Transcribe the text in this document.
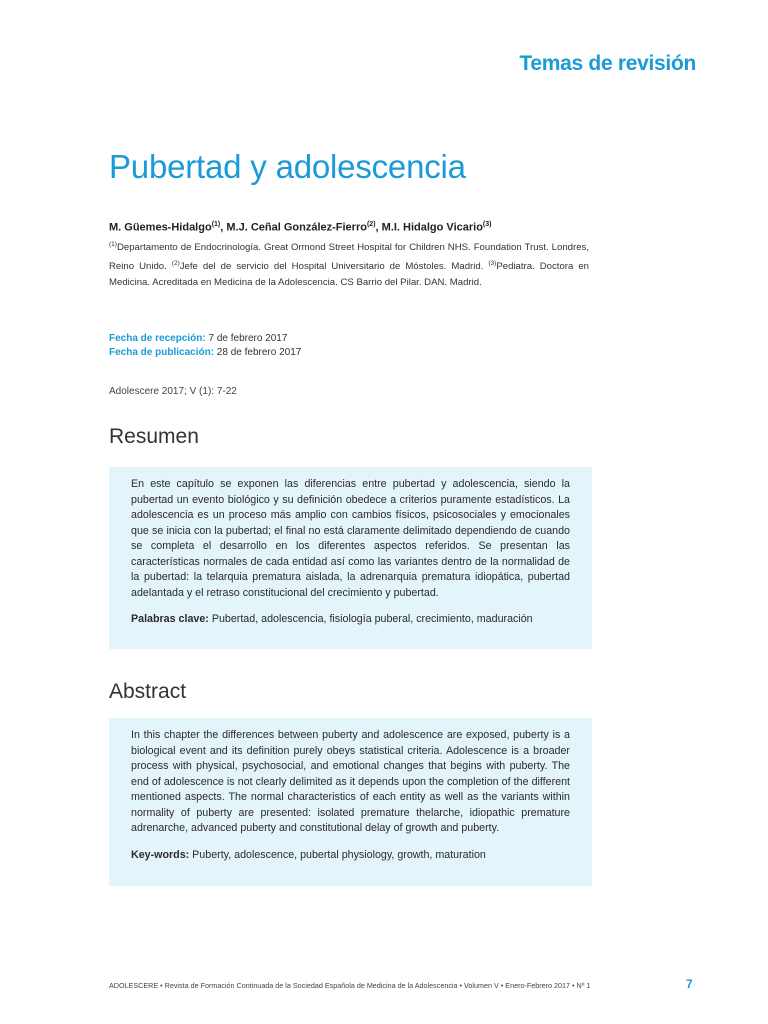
Temas de revisión
Pubertad y adolescencia
M. Güemes-Hidalgo$^{(1)}$, M.J. Ceñal González-Fierro$^{(2)}$, M.I. Hidalgo Vicario$^{(3)}$
$^{(1)}$Departamento de Endocrinología. Great Ormond Street Hospital for Children NHS. Foundation Trust. Londres, Reino Unido. $^{(2)}$Jefe del de servicio del Hospital Universitario de Móstoles. Madrid. $^{(3)}$Pediatra. Doctora en Medicina. Acreditada en Medicina de la Adolescencia. CS Barrio del Pilar. DAN. Madrid.
Fecha de recepción: 7 de febrero 2017
Fecha de publicación: 28 de febrero 2017
Adolescere 2017; V (1): 7-22
Resumen

En este capítulo se exponen las diferencias entre pubertad y adolescencia, siendo la pubertad un evento biológico y su definición obedece a criterios puramente estadísticos. La adolescencia es un proceso más amplio con cambios físicos, psicosociales y emocionales que se inicia con la pubertad; el final no está claramente delimitado dependiendo de cuando se completa el desarrollo en los diferentes aspectos referidos. Se presentan las características normales de cada entidad así como las variantes dentro de la normalidad de la pubertad: la telarquia prematura aislada, la adrenarquia prematura idiopática, pubertad adelantada y el retraso constitucional del crecimiento y pubertad.

Palabras clave: Pubertad, adolescencia, fisiología puberal, crecimiento, maduración
Abstract

In this chapter the differences between puberty and adolescence are exposed, puberty is a biological event and its definition purely obeys statistical criteria. Adolescence is a broader process with physical, psychosocial, and emotional changes that begins with puberty. The end of adolescence is not clearly delimited as it depends upon the completion of the different mentioned aspects. The normal characteristics of each entity as well as the variants within normality of puberty are presented: isolated premature thelarche, idiopathic premature adrenarche, advanced puberty and constitutional delay of growth and puberty.

Key-words: Puberty, adolescence, pubertal physiology, growth, maturation
ADOLESCERE • Revista de Formación Continuada de la Sociedad Española de Medicina de la Adolescencia • Volumen V • Enero-Febrero 2017 • Nº 1	7
